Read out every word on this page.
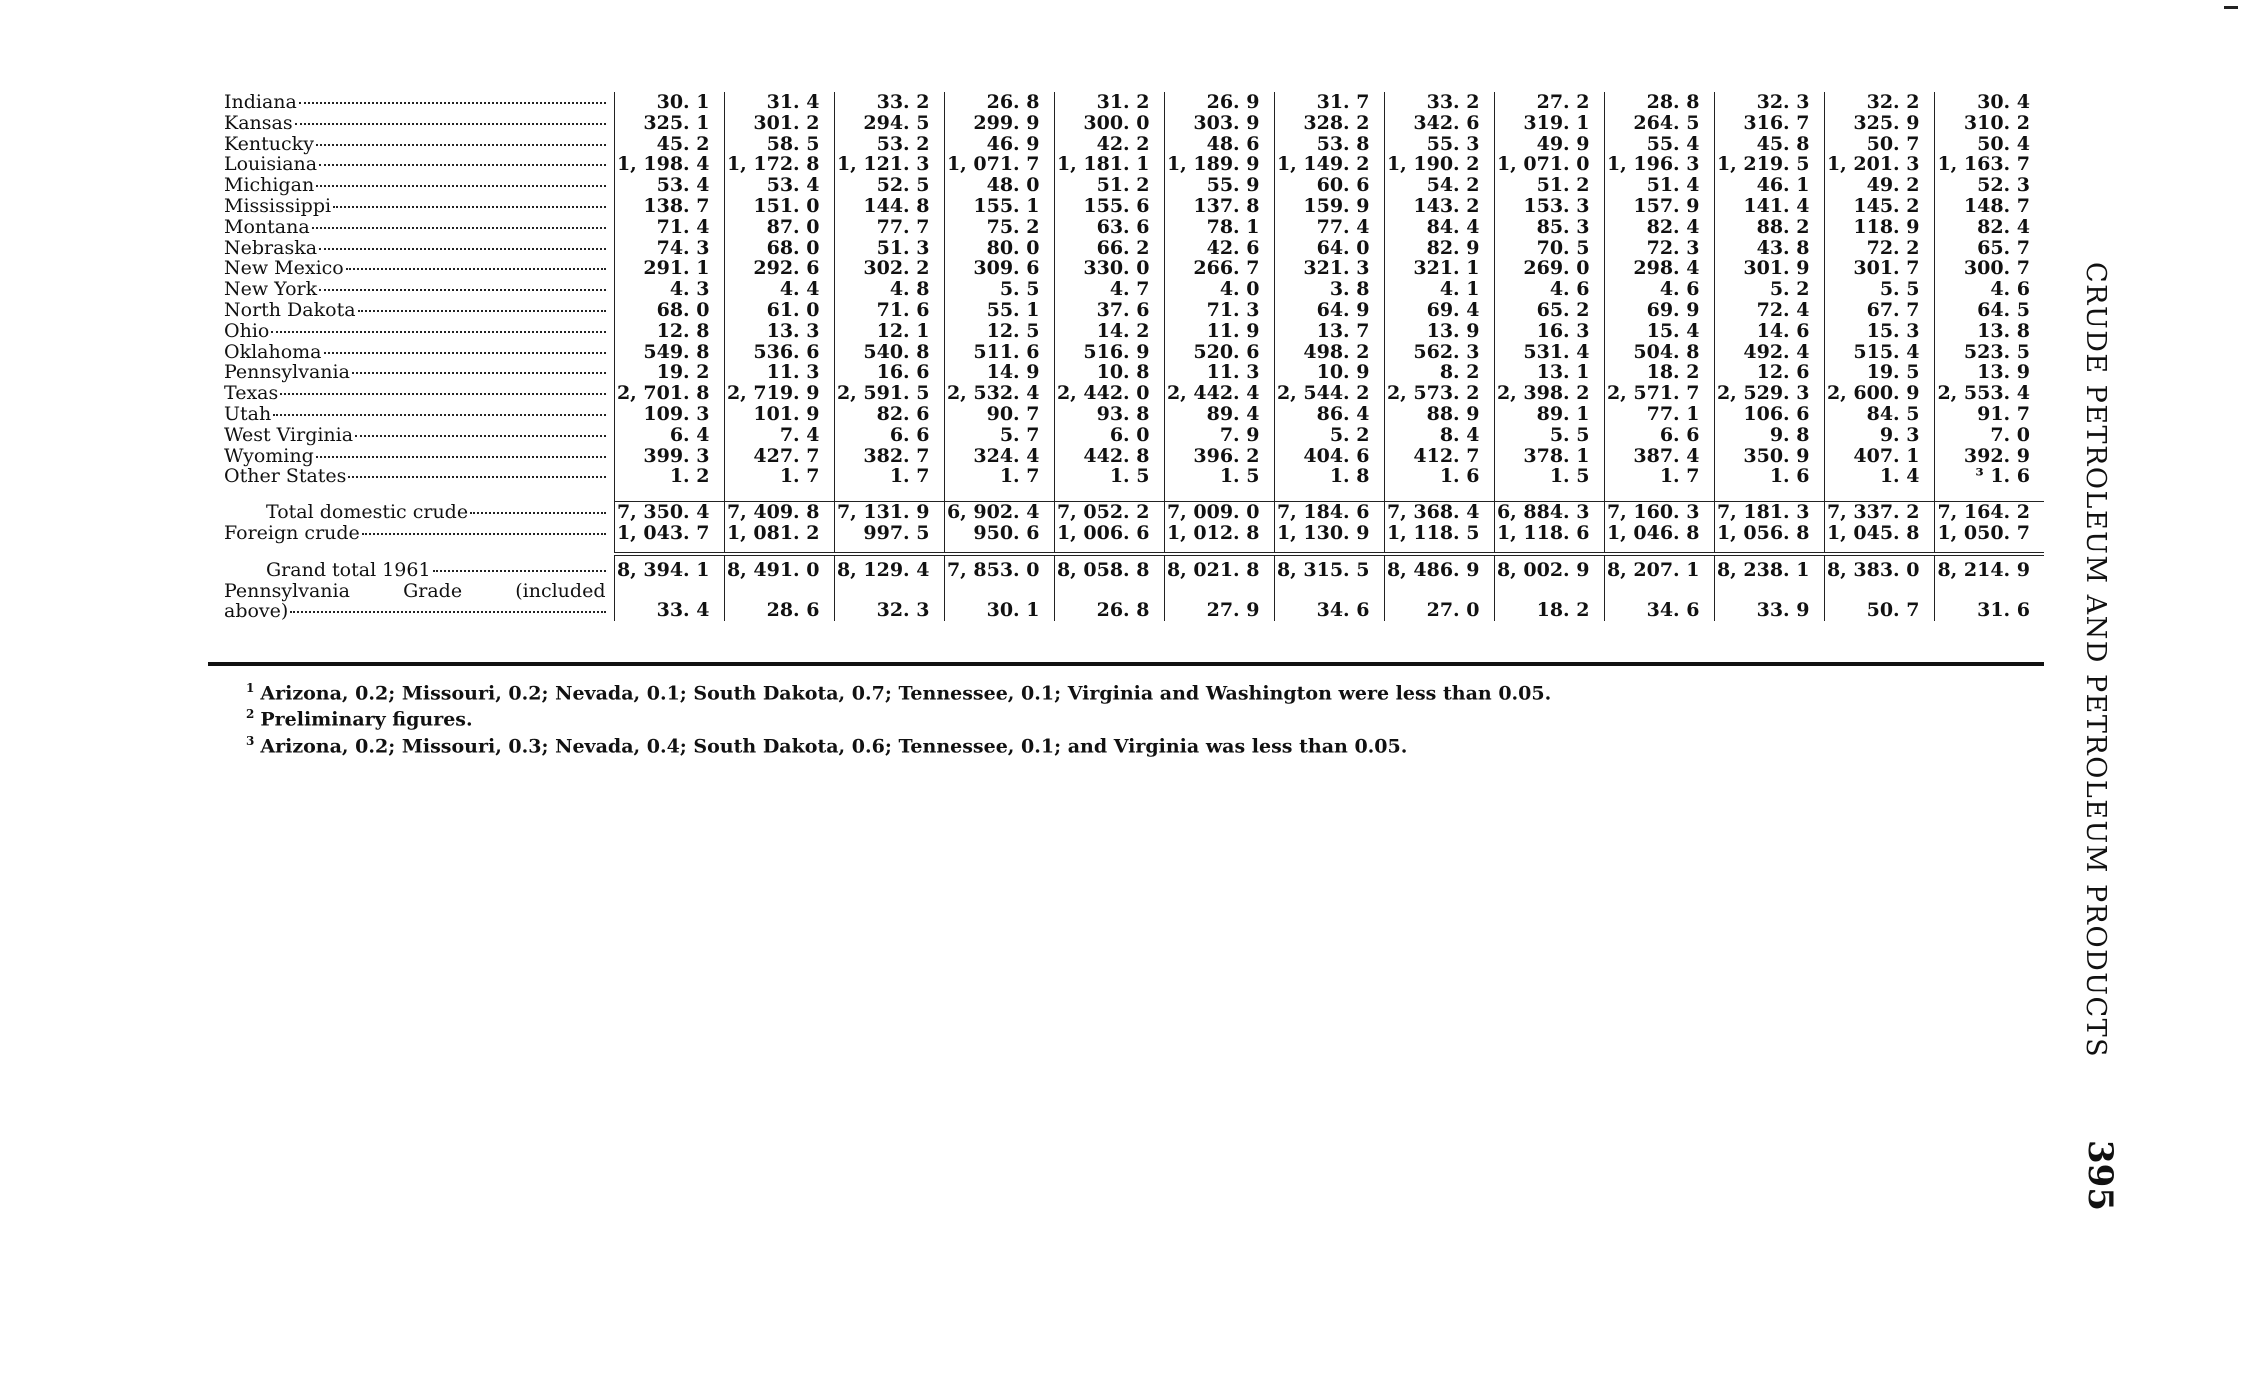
Indiana	30. 1	31. 4	33. 2	26. 8	31. 2	26. 9	31. 7	33. 2	27. 2	28. 8	32. 3	32. 2	30. 4

Kansas	325. 1	301. 2	294. 5	299. 9	300. 0	303. 9	328. 2	342. 6	319. 1	264. 5	316. 7	325. 9	310. 2

Kentucky	45. 2	58. 5	53. 2	46. 9	42. 2	48. 6	53. 8	55. 3	49. 9	55. 4	45. 8	50. 7	50. 4

Louisiana	1, 198. 4	1, 172. 8	1, 121. 3	1, 071. 7	1, 181. 1	1, 189. 9	1, 149. 2	1, 190. 2	1, 071. 0	1, 196. 3	1, 219. 5	1, 201. 3	1, 163. 7

Michigan	53. 4	53. 4	52. 5	48. 0	51. 2	55. 9	60. 6	54. 2	51. 2	51. 4	46. 1	49. 2	52. 3

Mississippi	138. 7	151. 0	144. 8	155. 1	155. 6	137. 8	159. 9	143. 2	153. 3	157. 9	141. 4	145. 2	148. 7

Montana	71. 4	87. 0	77. 7	75. 2	63. 6	78. 1	77. 4	84. 4	85. 3	82. 4	88. 2	118. 9	82. 4

Nebraska	74. 3	68. 0	51. 3	80. 0	66. 2	42. 6	64. 0	82. 9	70. 5	72. 3	43. 8	72. 2	65. 7

New Mexico	291. 1	292. 6	302. 2	309. 6	330. 0	266. 7	321. 3	321. 1	269. 0	298. 4	301. 9	301. 7	300. 7

New York	4. 3	4. 4	4. 8	5. 5	4. 7	4. 0	3. 8	4. 1	4. 6	4. 6	5. 2	5. 5	4. 6

North Dakota	68. 0	61. 0	71. 6	55. 1	37. 6	71. 3	64. 9	69. 4	65. 2	69. 9	72. 4	67. 7	64. 5

Ohio	12. 8	13. 3	12. 1	12. 5	14. 2	11. 9	13. 7	13. 9	16. 3	15. 4	14. 6	15. 3	13. 8

Oklahoma	549. 8	536. 6	540. 8	511. 6	516. 9	520. 6	498. 2	562. 3	531. 4	504. 8	492. 4	515. 4	523. 5

Pennsylvania	19. 2	11. 3	16. 6	14. 9	10. 8	11. 3	10. 9	8. 2	13. 1	18. 2	12. 6	19. 5	13. 9

Texas	2, 701. 8	2, 719. 9	2, 591. 5	2, 532. 4	2, 442. 0	2, 442. 4	2, 544. 2	2, 573. 2	2, 398. 2	2, 571. 7	2, 529. 3	2, 600. 9	2, 553. 4

Utah	109. 3	101. 9	82. 6	90. 7	93. 8	89. 4	86. 4	88. 9	89. 1	77. 1	106. 6	84. 5	91. 7

West Virginia	6. 4	7. 4	6. 6	5. 7	6. 0	7. 9	5. 2	8. 4	5. 5	6. 6	9. 8	9. 3	7. 0

Wyoming	399. 3	427. 7	382. 7	324. 4	442. 8	396. 2	404. 6	412. 7	378. 1	387. 4	350. 9	407. 1	392. 9

Other States	1. 2	1. 7	1. 7	1. 7	1. 5	1. 5	1. 8	1. 6	1. 5	1. 7	1. 6	1. 4	³ 1. 6

Total domestic crude	7, 350. 4	7, 409. 8	7, 131. 9	6, 902. 4	7, 052. 2	7, 009. 0	7, 184. 6	7, 368. 4	6, 884. 3	7, 160. 3	7, 181. 3	7, 337. 2	7, 164. 2

Foreign crude	1, 043. 7	1, 081. 2	997. 5	950. 6	1, 006. 6	1, 012. 8	1, 130. 9	1, 118. 5	1, 118. 6	1, 046. 8	1, 056. 8	1, 045. 8	1, 050. 7

Grand total 1961	8, 394. 1	8, 491. 0	8, 129. 4	7, 853. 0	8, 058. 8	8, 021. 8	8, 315. 5	8, 486. 9	8, 002. 9	8, 207. 1	8, 238. 1	8, 383. 0	8, 214. 9

Pennsylvania Grade (included
above)	33. 4	28. 6	32. 3	30. 1	26. 8	27. 9	34. 6	27. 0	18. 2	34. 6	33. 9	50. 7	31. 6
$^1$ Arizona, 0.2; Missouri, 0.2; Nevada, 0.1; South Dakota, 0.7; Tennessee, 0.1; Virginia and Washington were less than 0.05.
$^2$ Preliminary figures.
$^3$ Arizona, 0.2; Missouri, 0.3; Nevada, 0.4; South Dakota, 0.6; Tennessee, 0.1; and Virginia was less than 0.05.	CRUDE PETROLEUM AND PETROLEUM PRODUCTS
395
